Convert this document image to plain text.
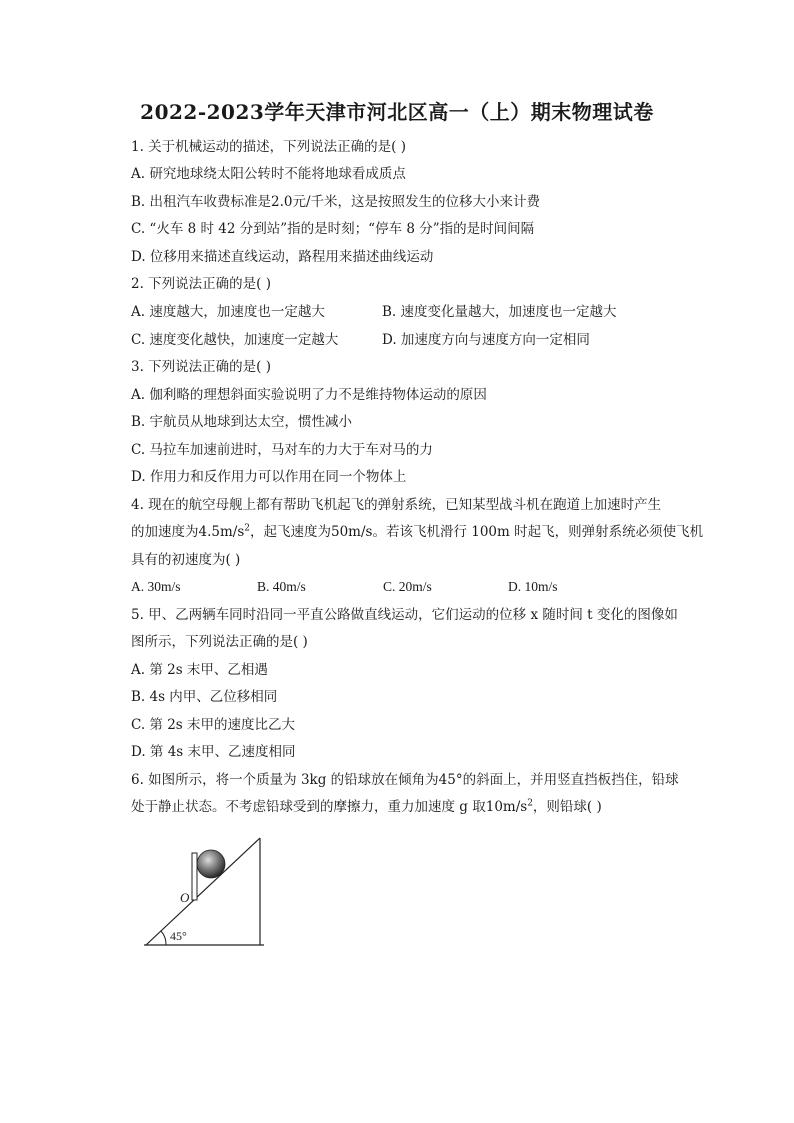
2022-2023学年天津市河北区高一（上）期末物理试卷
1. 关于机械运动的描述，下列说法正确的是( )
A. 研究地球绕太阳公转时不能将地球看成质点
B. 出租汽车收费标准是2.0元/千米，这是按照发生的位移大小来计费
C. “火车 8 时 42 分到站”指的是时刻；“停车 8 分”指的是时间间隔
D. 位移用来描述直线运动，路程用来描述曲线运动
2. 下列说法正确的是( )
A. 速度越大，加速度也一定越大	B. 速度变化量越大，加速度也一定越大
C. 速度变化越快，加速度一定越大	D. 加速度方向与速度方向一定相同
3. 下列说法正确的是( )
A. 伽利略的理想斜面实验说明了力不是维持物体运动的原因
B. 宇航员从地球到达太空，惯性减小
C. 马拉车加速前进时，马对车的力大于车对马的力
D. 作用力和反作用力可以作用在同一个物体上
4. 现在的航空母舰上都有帮助飞机起飞的弹射系统，已知某型战斗机在跑道上加速时产生
的加速度为$4.5m/s^2$，起飞速度为50m/s。若该飞机滑行 100m 时起飞，则弹射系统必须使飞机
具有的初速度为( )
A. 30m/s	B. 40m/s	C. 20m/s	D. 10m/s
5. 甲、乙两辆车同时沿同一平直公路做直线运动，它们运动的位移 x 随时间 t 变化的图像如
图所示，下列说法正确的是( )
A. 第 2s 末甲、乙相遇
B. 4s 内甲、乙位移相同
C. 第 2s 末甲的速度比乙大
D. 第 4s 末甲、乙速度相同
6. 如图所示，将一个质量为 3kg 的铅球放在倾角为45°的斜面上，并用竖直挡板挡住，铅球
处于静止状态。不考虑铅球受到的摩擦力，重力加速度 g 取$10m/s^2$，则铅球( )
O
45°
